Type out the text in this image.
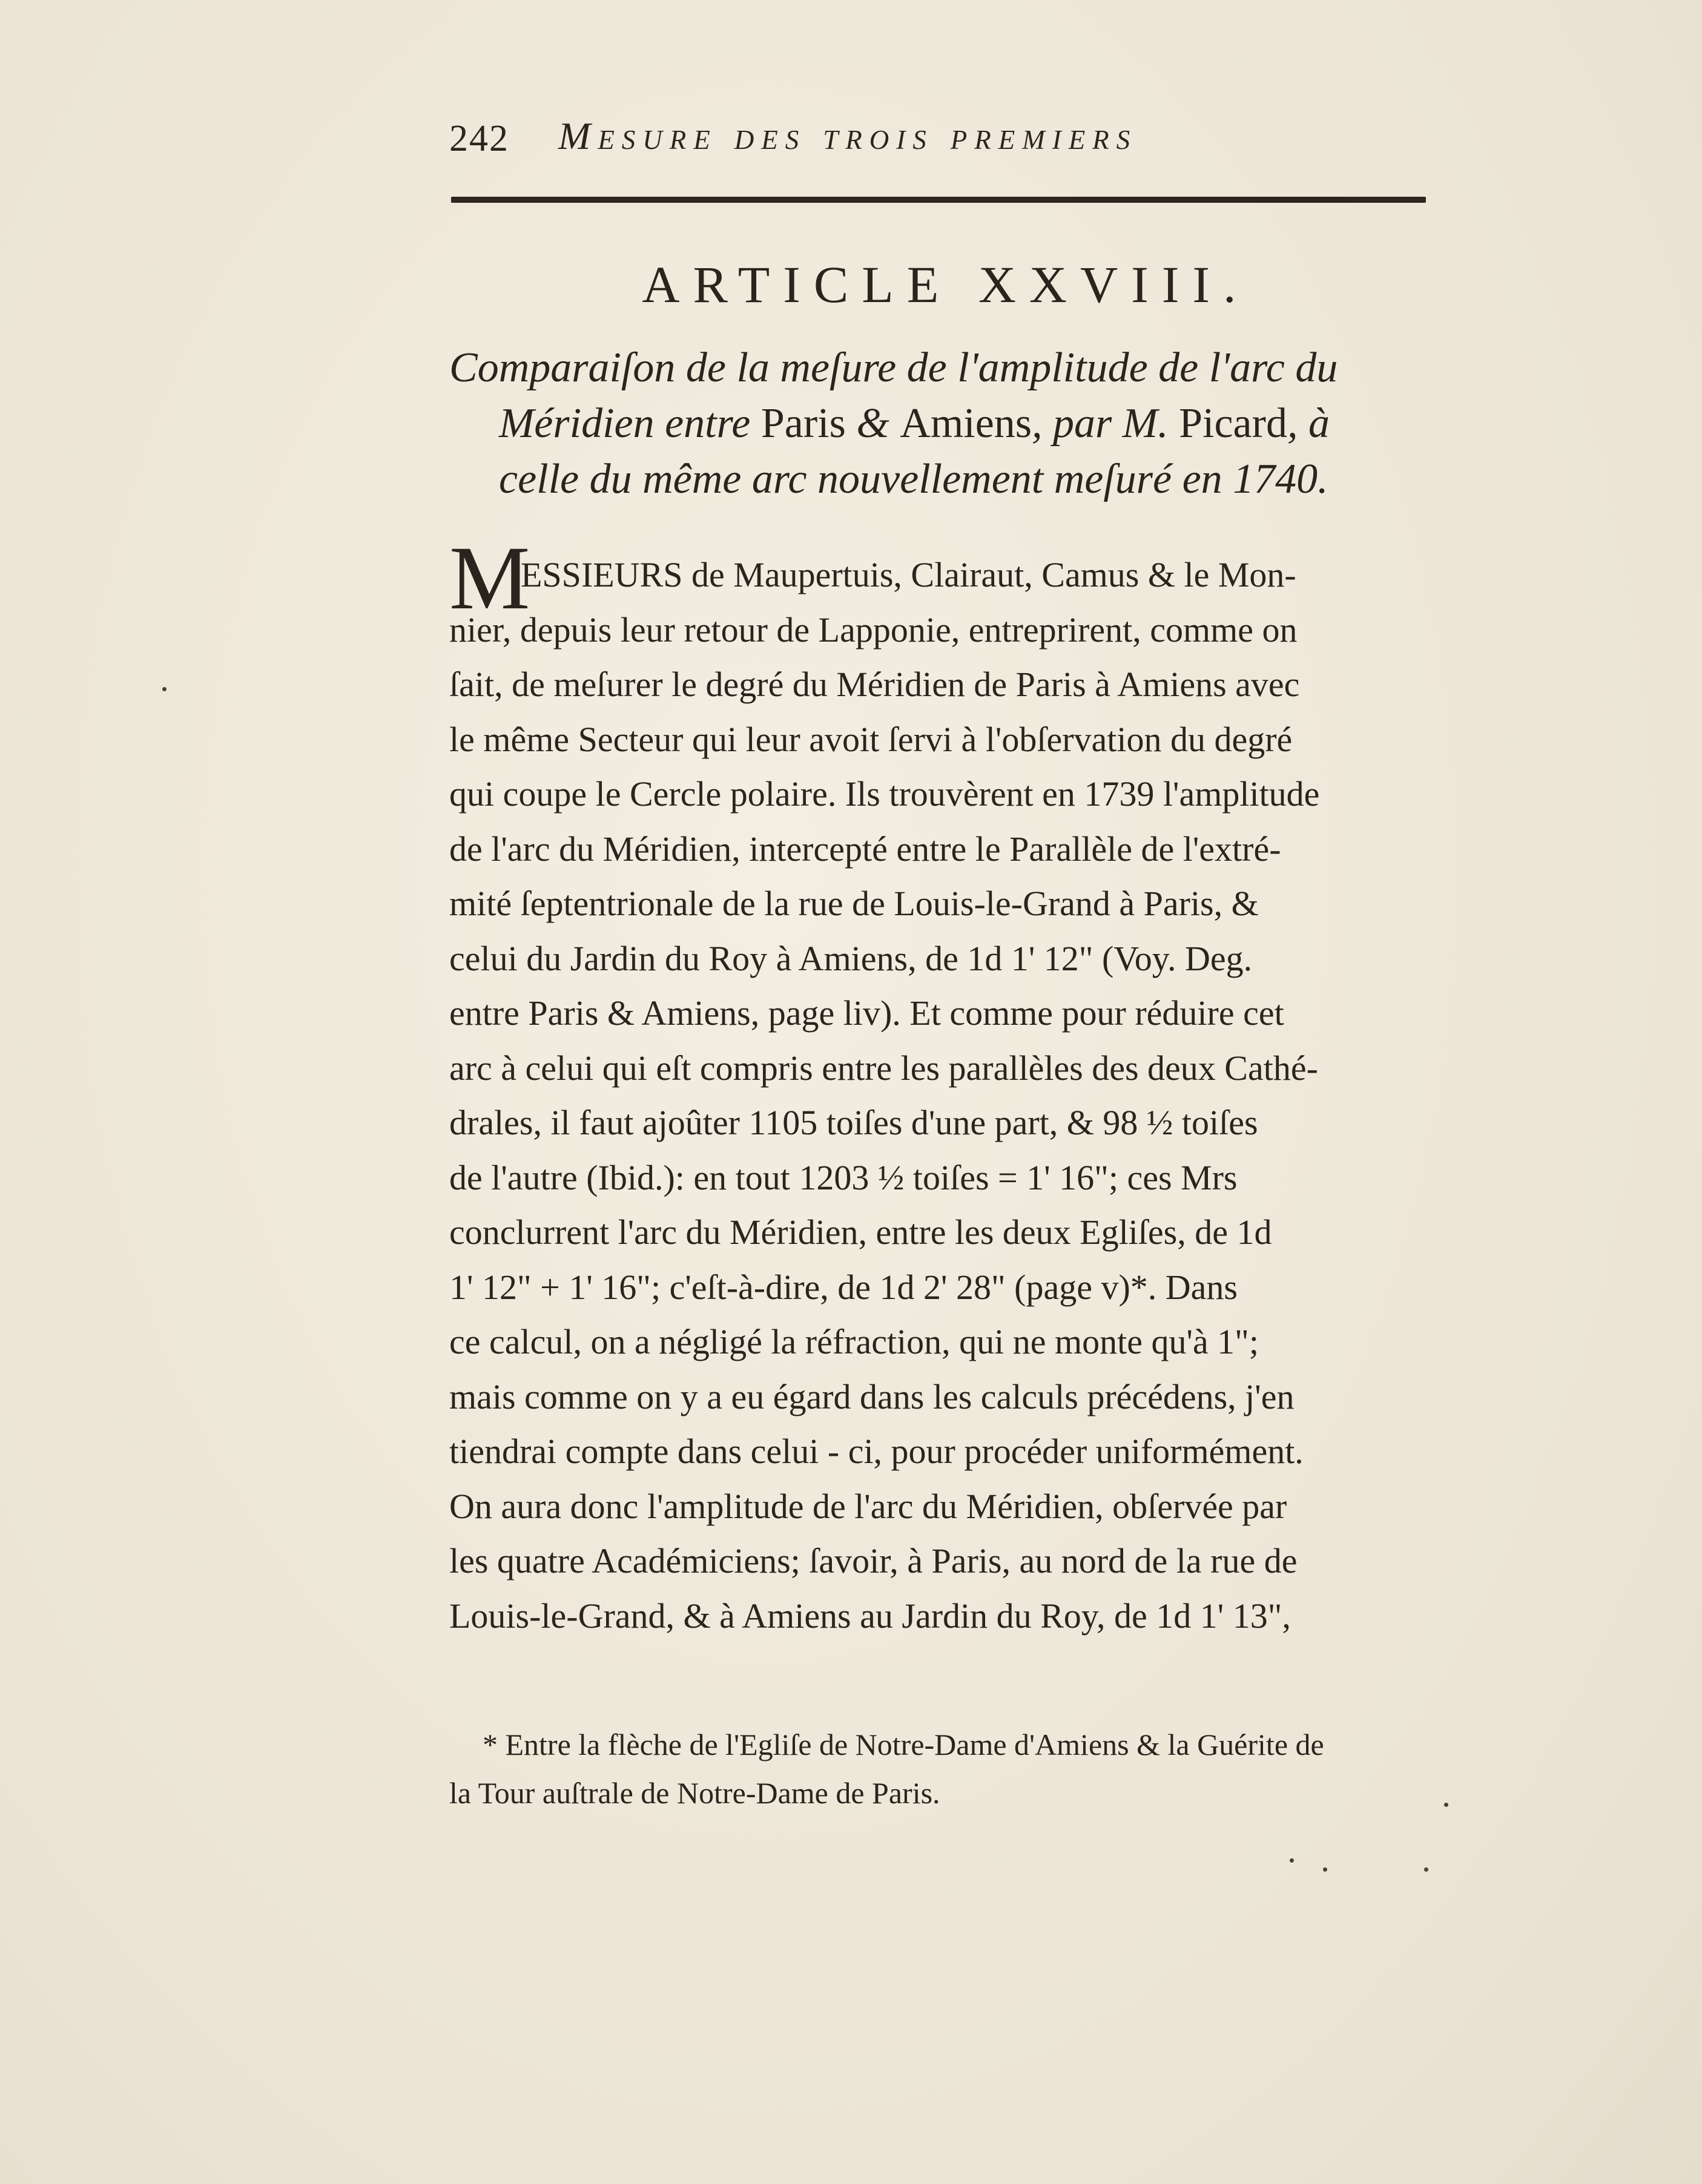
242 Mesure des trois premiers
ARTICLE XXVIII.
Comparaiſon de la meſure de l'amplitude de l'arc du
Méridien entre Paris & Amiens, par M. Picard, à
celle du même arc nouvellement meſuré en 1740.
M
ESSIEURS de Maupertuis, Clairaut, Camus & le Mon-
nier, depuis leur retour de Lapponie, entreprirent, comme on
ſait, de meſurer le degré du Méridien de Paris à Amiens avec
le même Secteur qui leur avoit ſervi à l'obſervation du degré
qui coupe le Cercle polaire. Ils trouvèrent en 1739 l'amplitude
de l'arc du Méridien, intercepté entre le Parallèle de l'extré-
mité ſeptentrionale de la rue de Louis-le-Grand à Paris, &
celui du Jardin du Roy à Amiens, de 1d 1' 12" (Voy. Deg.
entre Paris & Amiens, page liv). Et comme pour réduire cet
arc à celui qui eſt compris entre les parallèles des deux Cathé-
drales, il faut ajoûter 1105 toiſes d'une part, & 98 ½ toiſes
de l'autre (Ibid.): en tout 1203 ½ toiſes = 1' 16"; ces Mrs
conclurrent l'arc du Méridien, entre les deux Egliſes, de 1d
1' 12" + 1' 16"; c'eſt-à-dire, de 1d 2' 28" (page v)*. Dans
ce calcul, on a négligé la réfraction, qui ne monte qu'à 1";
mais comme on y a eu égard dans les calculs précédens, j'en
tiendrai compte dans celui - ci, pour procéder uniformément.
On aura donc l'amplitude de l'arc du Méridien, obſervée par
les quatre Académiciens; ſavoir, à Paris, au nord de la rue de
Louis-le-Grand, & à Amiens au Jardin du Roy, de 1d 1' 13",
* Entre la flèche de l'Egliſe de Notre-Dame d'Amiens & la Guérite de
la Tour auſtrale de Notre-Dame de Paris.
